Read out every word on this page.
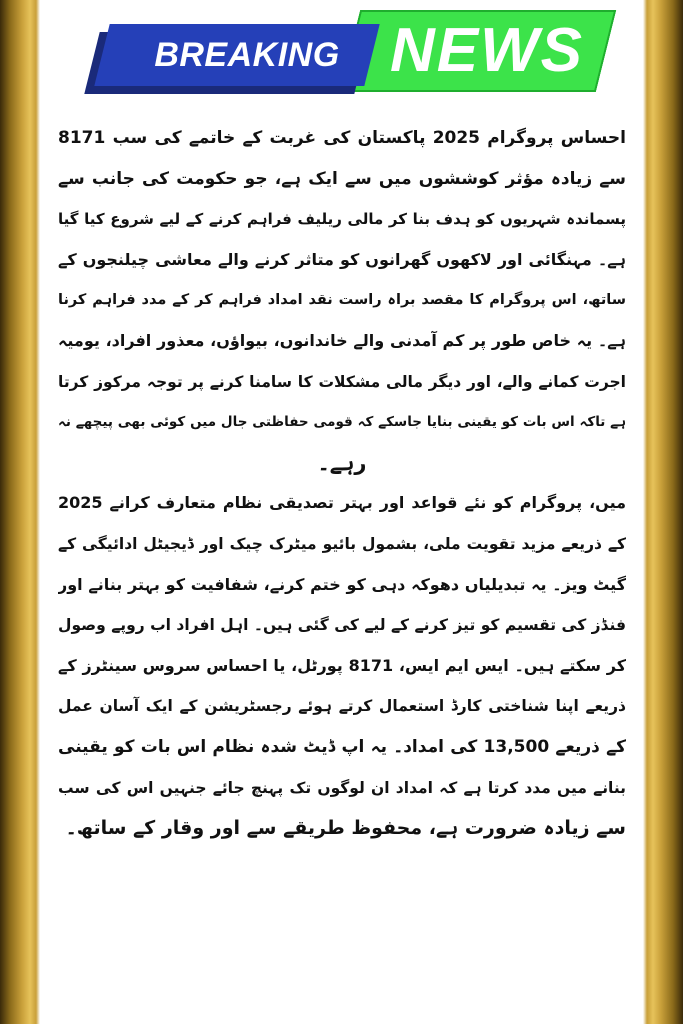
BREAKING NEWS
احساس پروگرام 2025 پاکستان کی غربت کے خاتمے کی سب 8171
سے زیادہ مؤثر کوششوں میں سے ایک ہے، جو حکومت کی جانب سے
پسماندہ شہریوں کو ہدف بنا کر مالی ریلیف فراہم کرنے کے لیے شروع کیا گیا
ہے۔ مہنگائی اور لاکھوں گھرانوں کو متاثر کرنے والے معاشی چیلنجوں کے
ساتھ، اس پروگرام کا مقصد براہ راست نقد امداد فراہم کر کے مدد فراہم کرنا
ہے۔ یہ خاص طور پر کم آمدنی والے خاندانوں، بیواؤں، معذور افراد، یومیہ
اجرت کمانے والے، اور دیگر مالی مشکلات کا سامنا کرنے پر توجہ مرکوز کرتا
ہے تاکہ اس بات کو یقینی بنایا جاسکے کہ قومی حفاظتی جال میں کوئی بھی پیچھے نہ
رہے۔
میں، پروگرام کو نئے قواعد اور بہتر تصدیقی نظام متعارف کرانے 2025
کے ذریعے مزید تقویت ملی، بشمول بائیو میٹرک چیک اور ڈیجیٹل ادائیگی کے
گیٹ ویز۔ یہ تبدیلیاں دھوکہ دہی کو ختم کرنے، شفافیت کو بہتر بنانے اور
فنڈز کی تقسیم کو تیز کرنے کے لیے کی گئی ہیں۔ اہل افراد اب روپے وصول
کر سکتے ہیں۔ ایس ایم ایس، 8171 پورٹل، یا احساس سروس سینٹرز کے
ذریعے اپنا شناختی کارڈ استعمال کرتے ہوئے رجسٹریشن کے ایک آسان عمل
کے ذریعے 13,500 کی امداد۔ یہ اپ ڈیٹ شدہ نظام اس بات کو یقینی
بنانے میں مدد کرتا ہے کہ امداد ان لوگوں تک پہنچ جائے جنہیں اس کی سب
سے زیادہ ضرورت ہے، محفوظ طریقے سے اور وقار کے ساتھ۔
